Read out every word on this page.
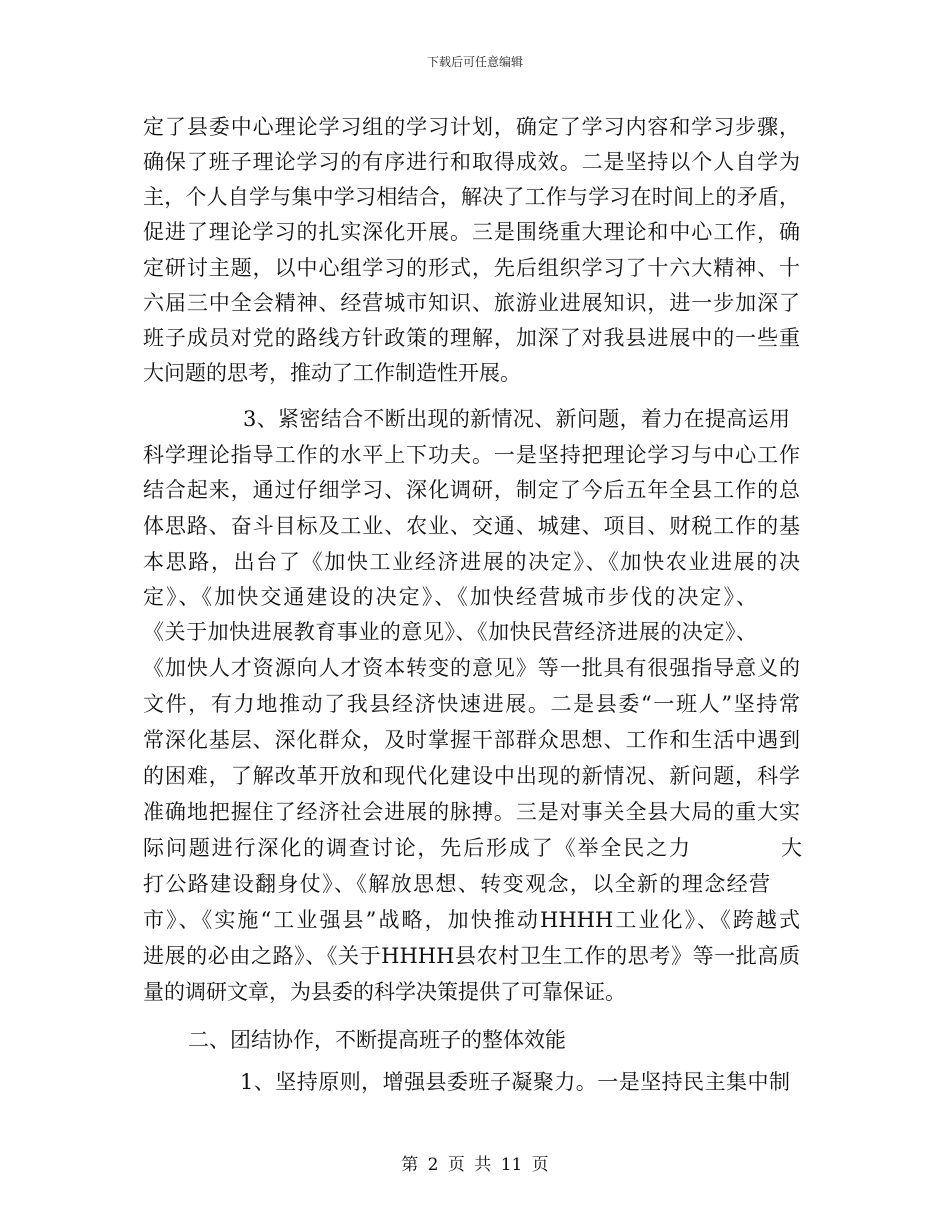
下载后可任意编辑
定了县委中心理论学习组的学习计划，确定了学习内容和学习步骤，
确保了班子理论学习的有序进行和取得成效。二是坚持以个人自学为
主，个人自学与集中学习相结合，解决了工作与学习在时间上的矛盾，
促进了理论学习的扎实深化开展。三是围绕重大理论和中心工作，确
定研讨主题，以中心组学习的形式，先后组织学习了十六大精神、十
六届三中全会精神、经营城市知识、旅游业进展知识，进一步加深了
班子成员对党的路线方针政策的理解，加深了对我县进展中的一些重
大问题的思考，推动了工作制造性开展。
3、紧密结合不断出现的新情况、新问题，着力在提高运用
科学理论指导工作的水平上下功夫。一是坚持把理论学习与中心工作
结合起来，通过仔细学习、深化调研，制定了今后五年全县工作的总
体思路、奋斗目标及工业、农业、交通、城建、项目、财税工作的基
本思路，出台了《加快工业经济进展的决定》、《加快农业进展的决
定》、《加快交通建设的决定》、《加快经营城市步伐的决定》、
《关于加快进展教育事业的意见》、《加快民营经济进展的决定》、
《加快人才资源向人才资本转变的意见》等一批具有很强指导意义的
文件，有力地推动了我县经济快速进展。二是县委“一班人”坚持常
常深化基层、深化群众，及时掌握干部群众思想、工作和生活中遇到
的困难，了解改革开放和现代化建设中出现的新情况、新问题，科学
准确地把握住了经济社会进展的脉搏。三是对事关全县大局的重大实
际问题进行深化的调查讨论，先后形成了《举全民之力	大
打公路建设翻身仗》、《解放思想、转变观念，以全新的理念经营
市》、《实施“工业强县”战略，加快推动HHHH工业化》、《跨越式
进展的必由之路》、《关于HHHH县农村卫生工作的思考》等一批高质
量的调研文章，为县委的科学决策提供了可靠保证。
二、团结协作，不断提高班子的整体效能
1、坚持原则，增强县委班子凝聚力。一是坚持民主集中制
第 2 页 共 11 页
